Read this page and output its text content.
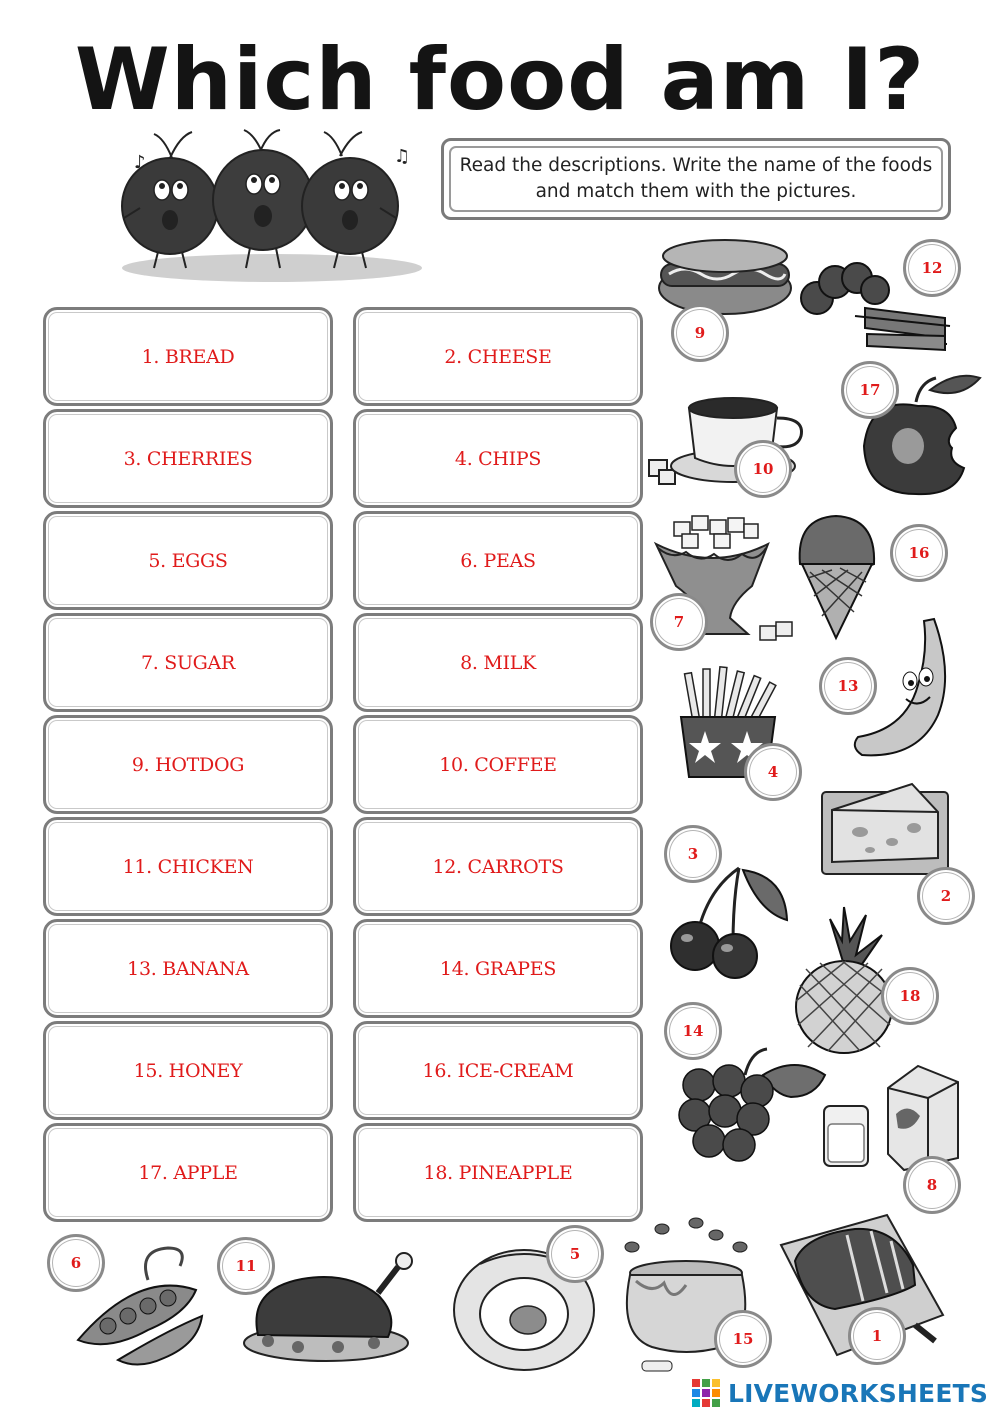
Which food am I?
♪	♫	Read the descriptions. Write the name of the foods and match them with the pictures.
1. BREAD	2. CHEESE
3. CHERRIES	4. CHIPS
5. EGGS	6. PEAS
7. SUGAR	8. MILK
9. HOTDOG	10. COFFEE
11. CHICKEN	12. CARROTS
13. BANANA	14. GRAPES
15. HONEY	16. ICE-CREAM
17. APPLE	18. PINEAPPLE
9
12
10
17
7
16
13
4
2
3
18
14
8
6	11
5
15	1
LIVEWORKSHEETS
